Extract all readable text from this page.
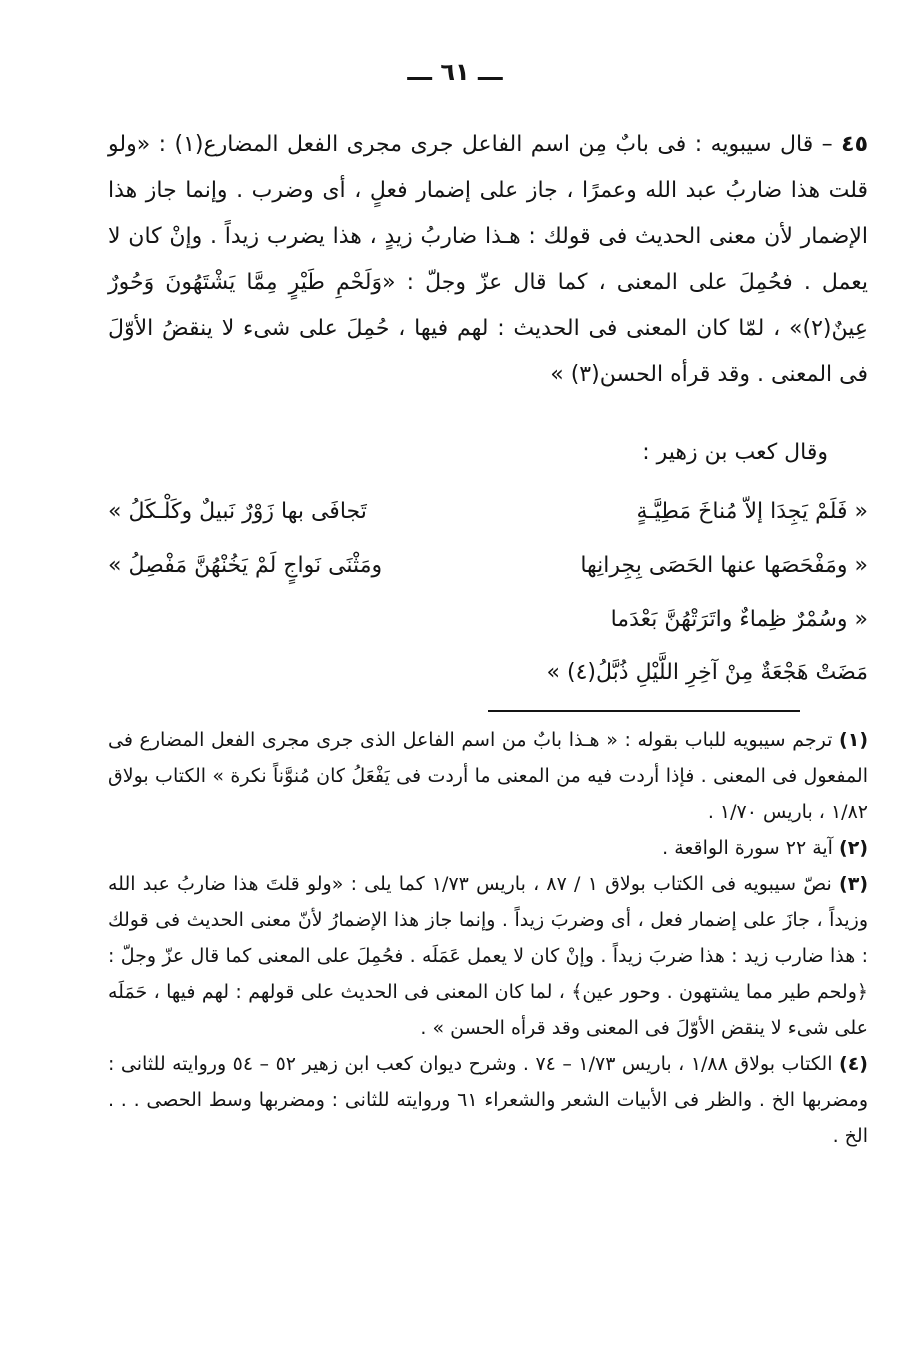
ـــ ٦١ ـــ

٤٥ – قال سيبويه : فى بابٌ مِن اسم الفاعل جرى مجرى الفعل المضارع(١) : «ولو قلت هذا ضاربُ عبد الله وعمرًا ، جاز على إضمار فعلٍ ، أى وضرب . وإنما جاز هذا الإضمار لأن معنى الحديث فى قولك : هـذا ضاربُ زيدٍ ، هذا يضرب زيداً . وإنْ كان لا يعمل . فحُمِلَ على المعنى ، كما قال عزّ وجلّ : «وَلَحْمِ طَيْرٍ مِمَّا يَشْتَهُونَ وَحُورٌ عِينٌ(٢)» ، لمّا كان المعنى فى الحديث : لهم فيها ، حُمِلَ على شىء لا ينقضُ الأوّلَ فى المعنى . وقد قرأه الحسن(٣) »

وقال كعب بن زهير :
« فَلَمْ يَجِدَا إلاّ مُناخَ مَطِيَّـةٍ
تَجافَى بها زَوْرٌ نَبيلٌ وكَلْـكَلُ »
« ومَفْحَصَها عنها الحَصَى بِجِرانِها
ومَثْنَى نَواجٍ لَمْ يَخُنْهُنَّ مَفْصِلُ »
« وسُمْرٌ ظِماءٌ واتَرَتْهُنَّ بَعْدَما
مَضَتْ هَجْعَةٌ مِنْ آخِرِ اللَّيْلِ ذُبَّلُ(٤) »

(١) ترجم سيبويه للباب بقوله : « هـذا بابٌ من اسم الفاعل الذى جرى مجرى الفعل المضارع فى المفعول فى المعنى . فإذا أردت فيه من المعنى ما أردت فى يَفْعَلُ كان مُنوَّناً نكرة » الكتاب بولاق ١/٨٢ ، باريس ١/٧٠ .

(٢) آية ٢٢ سورة الواقعة .

(٣) نصّ سيبويه فى الكتاب بولاق ١ / ٨٧ ، باريس ١/٧٣ كما يلى : «ولو قلتَ هذا ضاربُ عبد الله وزيداً ، جازَ على إضمار فعل ، أى وضربَ زيداً . وإنما جاز هذا الإضمارُ لأنّ معنى الحديث فى قولك : هذا ضارب زيد : هذا ضربَ زيداً . وإنْ كان لا يعمل عَمَلَه . فحُمِلَ على المعنى كما قال عزّ وجلّ : ﴿ولحم طير مما يشتهون . وحور عين﴾ ، لما كان المعنى فى الحديث على قولهم : لهم فيها ، حَمَلَه على شىء لا ينقض الأوّلَ فى المعنى وقد قرأه الحسن » .

(٤) الكتاب بولاق ١/٨٨ ، باريس ١/٧٣ – ٧٤ . وشرح ديوان كعب ابن زهير ٥٢ – ٥٤ وروايته للثانى : ومضربها الخ . والظر فى الأبيات الشعر والشعراء ٦١ وروايته للثانى : ومضربها وسط الحصى . . . الخ .
